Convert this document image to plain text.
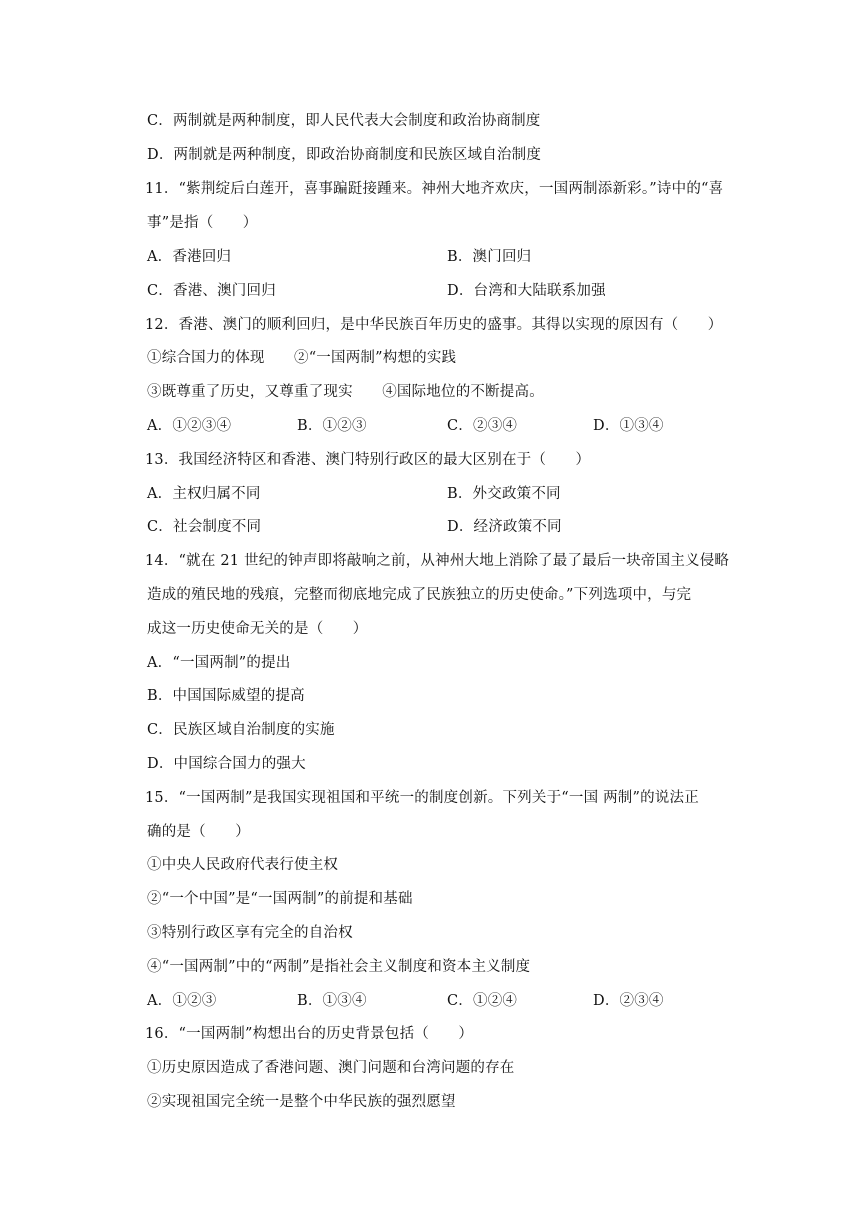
C．两制就是两种制度，即人民代表大会制度和政治协商制度
D．两制就是两种制度，即政治协商制度和民族区域自治制度
11．“紫荆绽后白莲开，喜事蹁跹接踵来。神州大地齐欢庆，一国两制添新彩。”诗中的“喜
事”是指（　　）
A．香港回归	B．澳门回归
C．香港、澳门回归	D．台湾和大陆联系加强
12．香港、澳门的顺利回归，是中华民族百年历史的盛事。其得以实现的原因有（　　）
①综合国力的体现　　②“一国两制”构想的实践
③既尊重了历史，又尊重了现实　　④国际地位的不断提高。
A．①②③④	B．①②③	C．②③④	D．①③④
13．我国经济特区和香港、澳门特别行政区的最大区别在于（　　）
A．主权归属不同	B．外交政策不同
C．社会制度不同	D．经济政策不同
14．“就在 21 世纪的钟声即将敲响之前，从神州大地上消除了最了最后一块帝国主义侵略
造成的殖民地的残痕，完整而彻底地完成了民族独立的历史使命。”下列选项中，与完
成这一历史使命无关的是（　　）
A．“一国两制”的提出
B．中国国际威望的提高
C．民族区域自治制度的实施
D．中国综合国力的强大
15．“一国两制”是我国实现祖国和平统一的制度创新。下列关于“一国 两制”的说法正
确的是（　　）
①中央人民政府代表行使主权
②“一个中国”是“一国两制”的前提和基础
③特别行政区享有完全的自治权
④“一国两制”中的“两制”是指社会主义制度和资本主义制度
A．①②③	B．①③④	C．①②④	D．②③④
16．“一国两制”构想出台的历史背景包括（　　）
①历史原因造成了香港问题、澳门问题和台湾问题的存在
②实现祖国完全统一是整个中华民族的强烈愿望
